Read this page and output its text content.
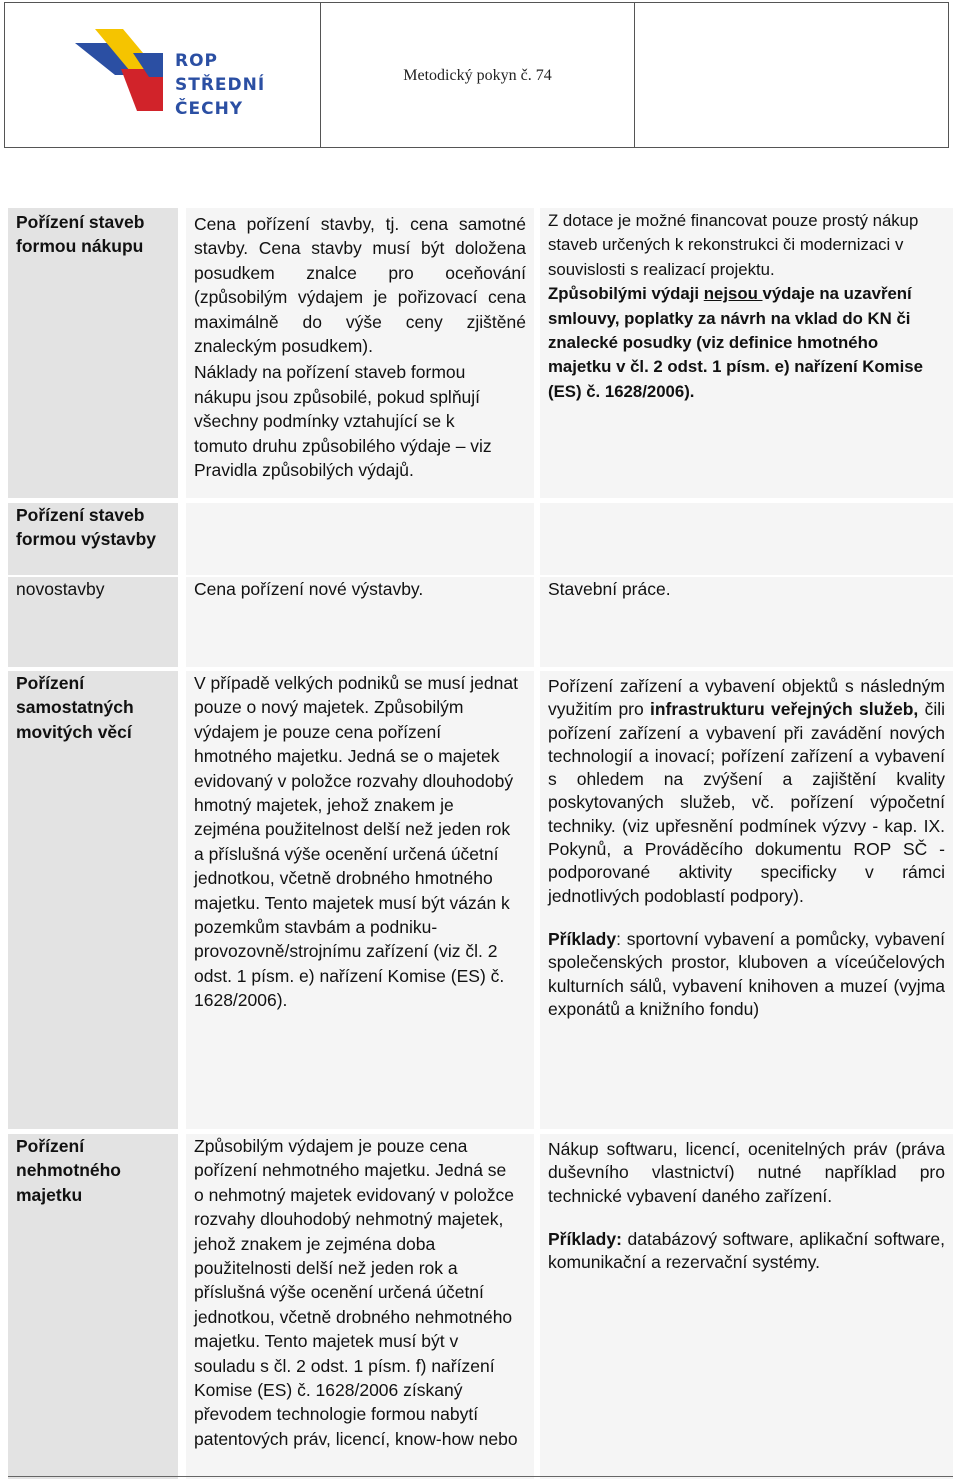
ROP
STŘEDNÍ
ČECHY
Metodický pokyn č. 74
Pořízení staveb formou nákupu

Cena pořízení stavby, tj. cena samotné stavby. Cena stavby musí být doložena posudkem znalce pro oceňování (způsobilým výdajem je pořizovací cena maximálně do výše ceny zjištěné znaleckým posudkem).

Náklady na pořízení staveb formou nákupu jsou způsobilé, pokud splňují všechny podmínky vztahující se k tomuto druhu způsobilého výdaje – viz Pravidla způsobilých výdajů.

Z dotace je možné financovat pouze prostý nákup staveb určených k rekonstrukci či modernizaci v souvislosti s realizací projektu.

Způsobilými výdaji nejsou výdaje na uzavření smlouvy, poplatky za návrh na vklad do KN či znalecké posudky (viz definice hmotného majetku v čl. 2 odst. 1 písm. e) nařízení Komise (ES) č. 1628/2006).

Pořízení staveb formou výstavby
novostavby	Cena pořízení nové výstavby.	Stavební práce.
Pořízení samostatných movitých věcí

V případě velkých podniků se musí jednat pouze o nový majetek. Způsobilým výdajem je pouze cena pořízení hmotného majetku. Jedná se o majetek evidovaný v položce rozvahy dlouhodobý hmotný majetek, jehož znakem je zejména použitelnost delší než jeden rok a příslušná výše ocenění určená účetní jednotkou, včetně drobného hmotného majetku. Tento majetek musí být vázán k pozemkům stavbám a podniku-provozovně/strojnímu zařízení (viz čl. 2 odst. 1 písm. e) nařízení Komise (ES) č. 1628/2006).

Pořízení zařízení a vybavení objektů s následným využitím pro infrastrukturu veřejných služeb, čili pořízení zařízení a vybavení při zavádění nových technologií a inovací; pořízení zařízení a vybavení s ohledem na zvýšení a zajištění kvality poskytovaných služeb, vč. pořízení výpočetní techniky. (viz upřesnění podmínek výzvy - kap. IX. Pokynů, a Prováděcího dokumentu ROP SČ - podporované aktivity specificky v rámci jednotlivých podoblastí podpory).

Příklady: sportovní vybavení a pomůcky, vybavení společenských prostor, kluboven a víceúčelových kulturních sálů, vybavení knihoven a muzeí (vyjma exponátů a knižního fondu)

Pořízení nehmotného majetku

Způsobilým výdajem je pouze cena pořízení nehmotného majetku. Jedná se o nehmotný majetek evidovaný v položce rozvahy dlouhodobý nehmotný majetek, jehož znakem je zejména doba použitelnosti delší než jeden rok a příslušná výše ocenění určená účetní jednotkou, včetně drobného nehmotného majetku. Tento majetek musí být v souladu s čl. 2 odst. 1 písm. f) nařízení Komise (ES) č. 1628/2006 získaný převodem technologie formou nabytí patentových práv, licencí, know-how nebo

Nákup softwaru, licencí, ocenitelných práv (práva duševního vlastnictví) nutné například pro technické vybavení daného zařízení.

Příklady: databázový software, aplikační software, komunikační a rezervační systémy.
